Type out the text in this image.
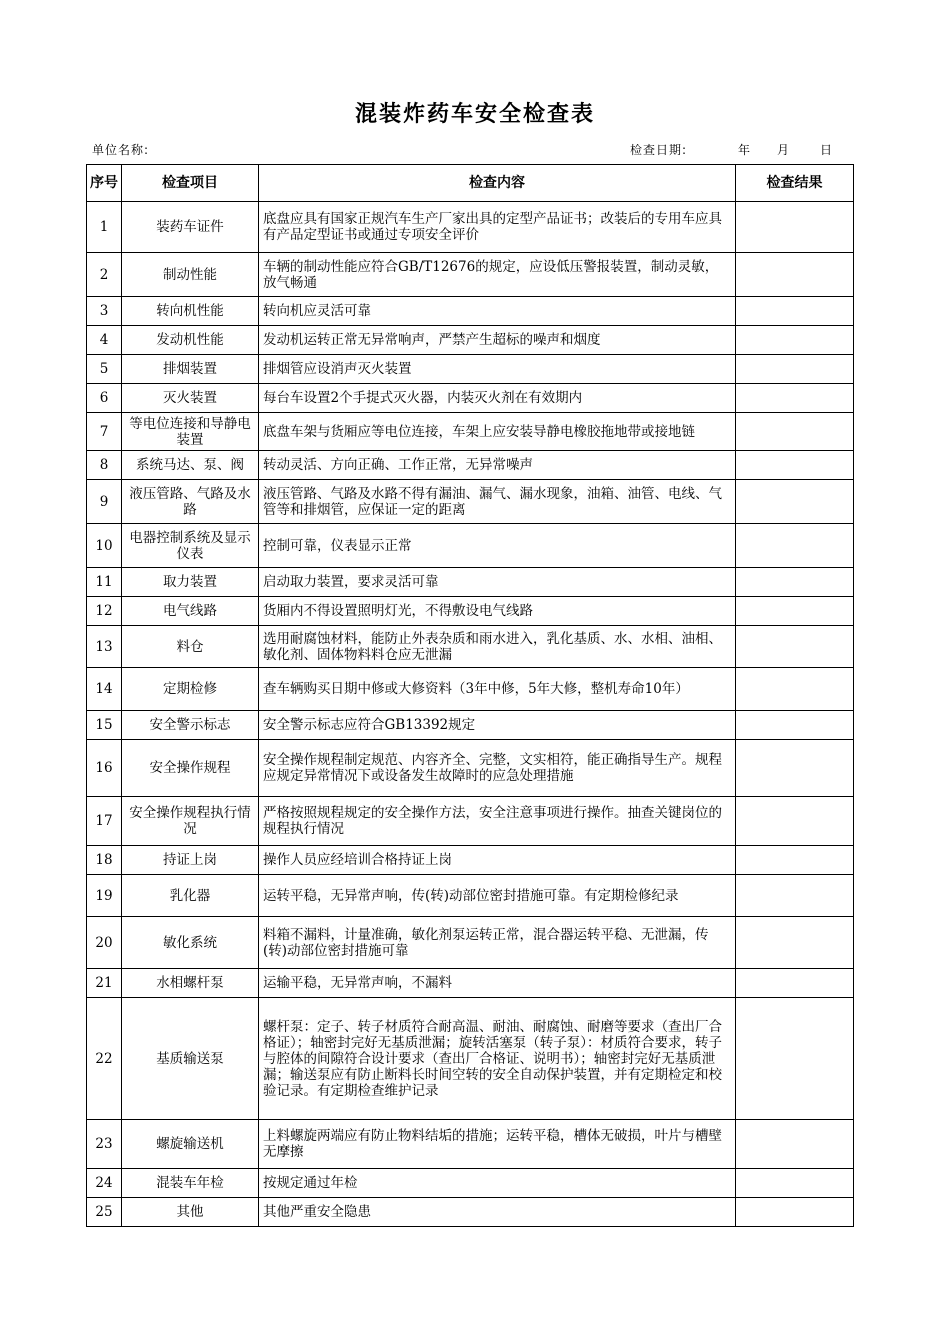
混装炸药车安全检查表
单位名称:	检查日期:	年 月	日
序号	检查项目	检查内容	检查结果
1	装药车证件	底盘应具有国家正规汽车生产厂家出具的定型产品证书；改装后的专用车应具有产品定型证书或通过专项安全评价	
2	制动性能	车辆的制动性能应符合GB/T12676的规定，应设低压警报装置，制动灵敏，放气畅通	
3	转向机性能	转向机应灵活可靠	
4	发动机性能	发动机运转正常无异常响声，严禁产生超标的噪声和烟度	
5	排烟装置	排烟管应设消声灭火装置	
6	灭火装置	每台车设置2个手提式灭火器，内装灭火剂在有效期内	
7	等电位连接和导静电装置	底盘车架与货厢应等电位连接，车架上应安装导静电橡胶拖地带或接地链	
8	系统马达、泵、阀	转动灵活、方向正确、工作正常，无异常噪声	
9	液压管路、气路及水路	液压管路、气路及水路不得有漏油、漏气、漏水现象，油箱、油管、电线、气管等和排烟管，应保证一定的距离	
10	电器控制系统及显示仪表	控制可靠，仪表显示正常	
11	取力装置	启动取力装置，要求灵活可靠	
12	电气线路	货厢内不得设置照明灯光，不得敷设电气线路	
13	料仓	选用耐腐蚀材料，能防止外表杂质和雨水进入，乳化基质、水、水相、油相、敏化剂、固体物料料仓应无泄漏	
14	定期检修	查车辆购买日期中修或大修资料（3年中修，5年大修，整机寿命10年）	
15	安全警示标志	安全警示标志应符合GB13392规定	
16	安全操作规程	安全操作规程制定规范、内容齐全、完整，文实相符，能正确指导生产。规程应规定异常情况下或设备发生故障时的应急处理措施	
17	安全操作规程执行情况	严格按照规程规定的安全操作方法，安全注意事项进行操作。抽查关键岗位的规程执行情况	
18	持证上岗	操作人员应经培训合格持证上岗	
19	乳化器	运转平稳，无异常声响，传(转)动部位密封措施可靠。有定期检修纪录	
20	敏化系统	料箱不漏料，计量准确，敏化剂泵运转正常，混合器运转平稳、无泄漏，传(转)动部位密封措施可靠	
21	水相螺杆泵	运输平稳，无异常声响，不漏料	
22	基质输送泵	螺杆泵：定子、转子材质符合耐高温、耐油、耐腐蚀、耐磨等要求（查出厂合格证）；轴密封完好无基质泄漏；旋转活塞泵（转子泵）：材质符合要求，转子与腔体的间隙符合设计要求（查出厂合格证、说明书）；轴密封完好无基质泄漏；输送泵应有防止断料长时间空转的安全自动保护装置，并有定期检定和校验记录。有定期检查维护记录	
23	螺旋输送机	上料螺旋两端应有防止物料结垢的措施；运转平稳，槽体无破损，叶片与槽壁无摩擦	
24	混装车年检	按规定通过年检	
25	其他	其他严重安全隐患	
